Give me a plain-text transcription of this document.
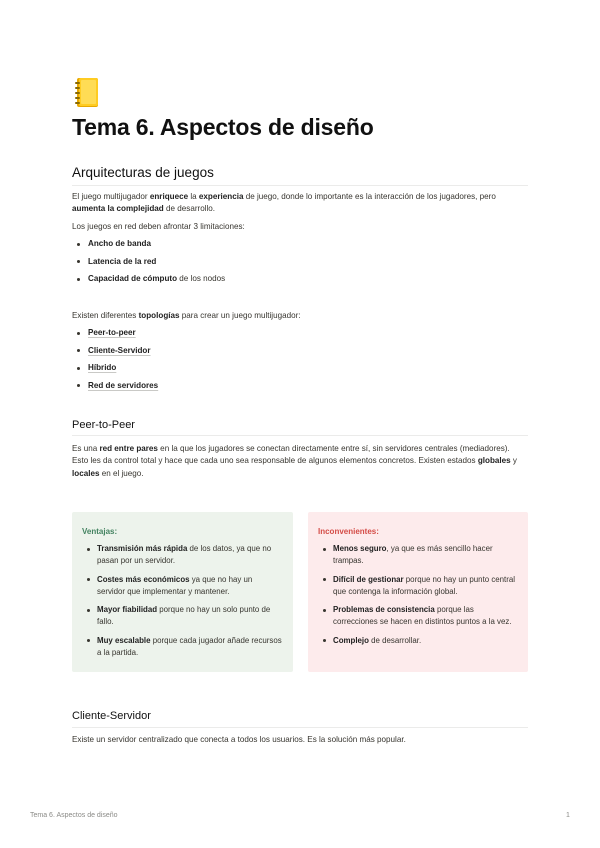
Tema 6. Aspectos de diseño
Arquitecturas de juegos

El juego multijugador enriquece la experiencia de juego, donde lo importante es la interacción de los jugadores, pero aumenta la complejidad de desarrollo.

Los juegos en red deben afrontar 3 limitaciones:

Ancho de banda
Latencia de la red
Capacidad de cómputo de los nodos

Existen diferentes topologías para crear un juego multijugador:

Peer-to-peer
Cliente-Servidor
Híbrido
Red de servidores
Peer-to-Peer

Es una red entre pares en la que los jugadores se conectan directamente entre sí, sin servidores centrales (mediadores). Esto les da control total y hace que cada uno sea responsable de algunos elementos concretos. Existen estados globales y locales en el juego.

Ventajas:
Transmisión más rápida de los datos, ya que no pasan por un servidor.
Costes más económicos ya que no hay un servidor que implementar y mantener.
Mayor fiabilidad porque no hay un solo punto de fallo.
Muy escalable porque cada jugador añade recursos a la partida.
Inconvenientes:
Menos seguro, ya que es más sencillo hacer trampas.
Difícil de gestionar porque no hay un punto central que contenga la información global.
Problemas de consistencia porque las correcciones se hacen en distintos puntos a la vez.
Complejo de desarrollar.
Cliente-Servidor

Existe un servidor centralizado que conecta a todos los usuarios. Es la solución más popular.

Tema 6. Aspectos de diseño	1
